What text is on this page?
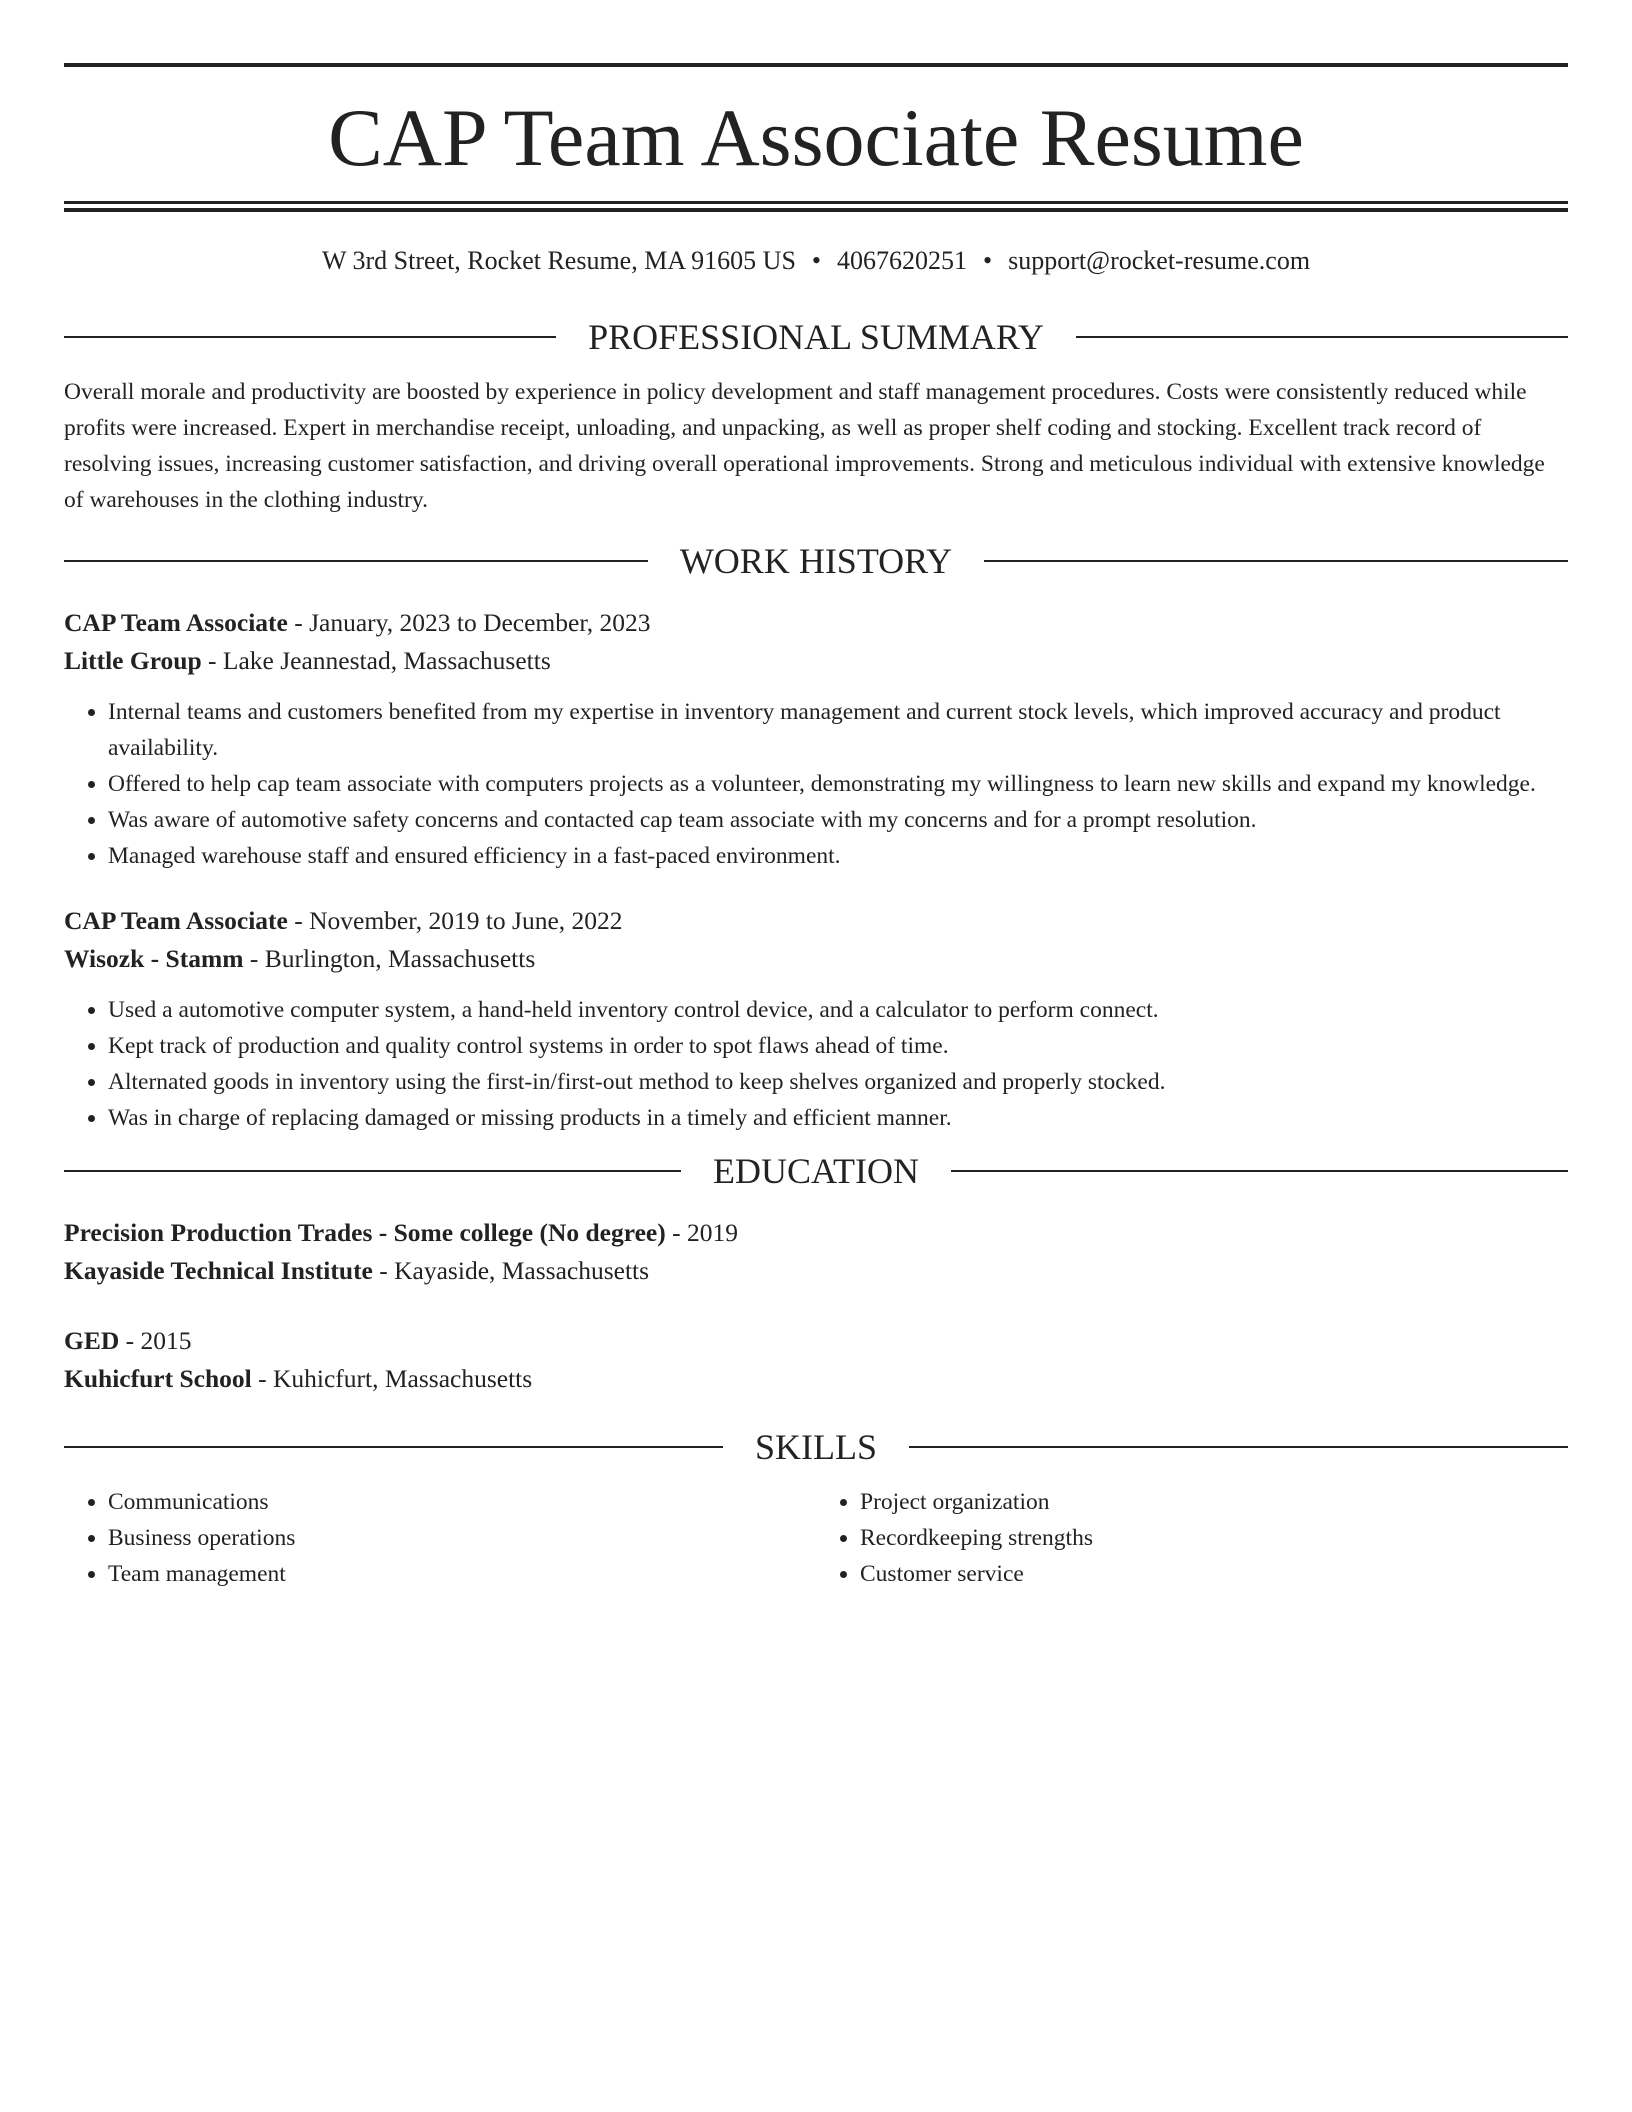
CAP Team Associate Resume
W 3rd Street, Rocket Resume, MA 91605 US • 4067620251 • support@rocket-resume.com
PROFESSIONAL SUMMARY
Overall morale and productivity are boosted by experience in policy development and staff management procedures. Costs were consistently reduced while profits were increased. Expert in merchandise receipt, unloading, and unpacking, as well as proper shelf coding and stocking. Excellent track record of resolving issues, increasing customer satisfaction, and driving overall operational improvements. Strong and meticulous individual with extensive knowledge of warehouses in the clothing industry.
WORK HISTORY
CAP Team Associate - January, 2023 to December, 2023
Little Group - Lake Jeannestad, Massachusetts
• Internal teams and customers benefited from my expertise in inventory management and current stock levels, which improved accuracy and product availability.
• Offered to help cap team associate with computers projects as a volunteer, demonstrating my willingness to learn new skills and expand my knowledge.
• Was aware of automotive safety concerns and contacted cap team associate with my concerns and for a prompt resolution.
• Managed warehouse staff and ensured efficiency in a fast-paced environment.
CAP Team Associate - November, 2019 to June, 2022
Wisozk - Stamm - Burlington, Massachusetts
• Used a automotive computer system, a hand-held inventory control device, and a calculator to perform connect.
• Kept track of production and quality control systems in order to spot flaws ahead of time.
• Alternated goods in inventory using the first-in/first-out method to keep shelves organized and properly stocked.
• Was in charge of replacing damaged or missing products in a timely and efficient manner.
EDUCATION
Precision Production Trades - Some college (No degree) - 2019
Kayaside Technical Institute - Kayaside, Massachusetts
GED - 2015
Kuhicfurt School - Kuhicfurt, Massachusetts
SKILLS
• Communications
• Business operations
• Team management
• Project organization
• Recordkeeping strengths
• Customer service
